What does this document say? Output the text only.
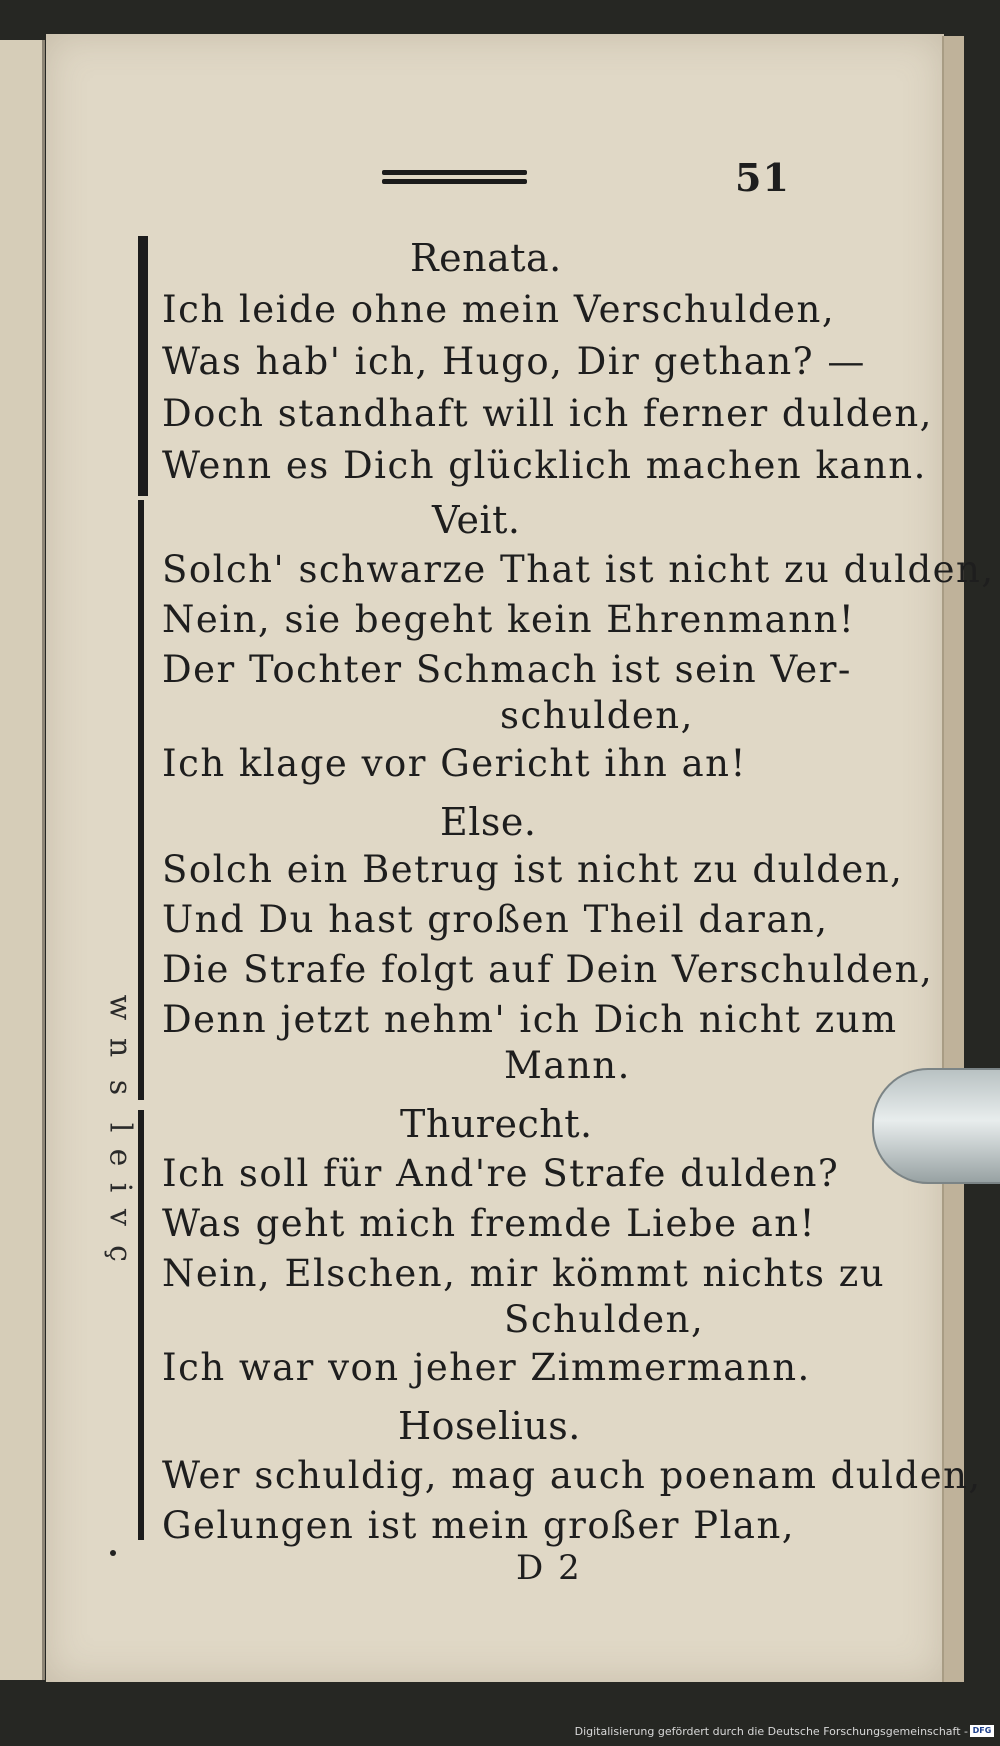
51
Renata.
Ich leide ohne mein Verschulden,
Was hab' ich, Hugo, Dir gethan? —
Doch standhaft will ich ferner dulden,
Wenn es Dich glücklich machen kann.
Veit.
Solch' schwarze That ist nicht zu dulden,
Nein, sie begeht kein Ehrenmann!
Der Tochter Schmach ist sein Ver-
schulden,
Ich klage vor Gericht ihn an!
Else.
Solch ein Betrug ist nicht zu dulden,
Und Du hast großen Theil daran,
Die Strafe folgt auf Dein Verschulden,
Denn jetzt nehm' ich Dich nicht zum
Mann.
Thurecht.
Ich soll für And're Strafe dulden?
Was geht mich fremde Liebe an!
Nein, Elschen, mir kömmt nichts zu
Schulden,
Ich war von jeher Zimmermann.
Hoselius.
Wer schuldig, mag auch poenam dulden,
Gelungen ist mein großer Plan,
D 2
w
n
s
l
e
i
v
ç
Digitalisierung gefördert durch die Deutsche Forschungsgemeinschaft - DFG
